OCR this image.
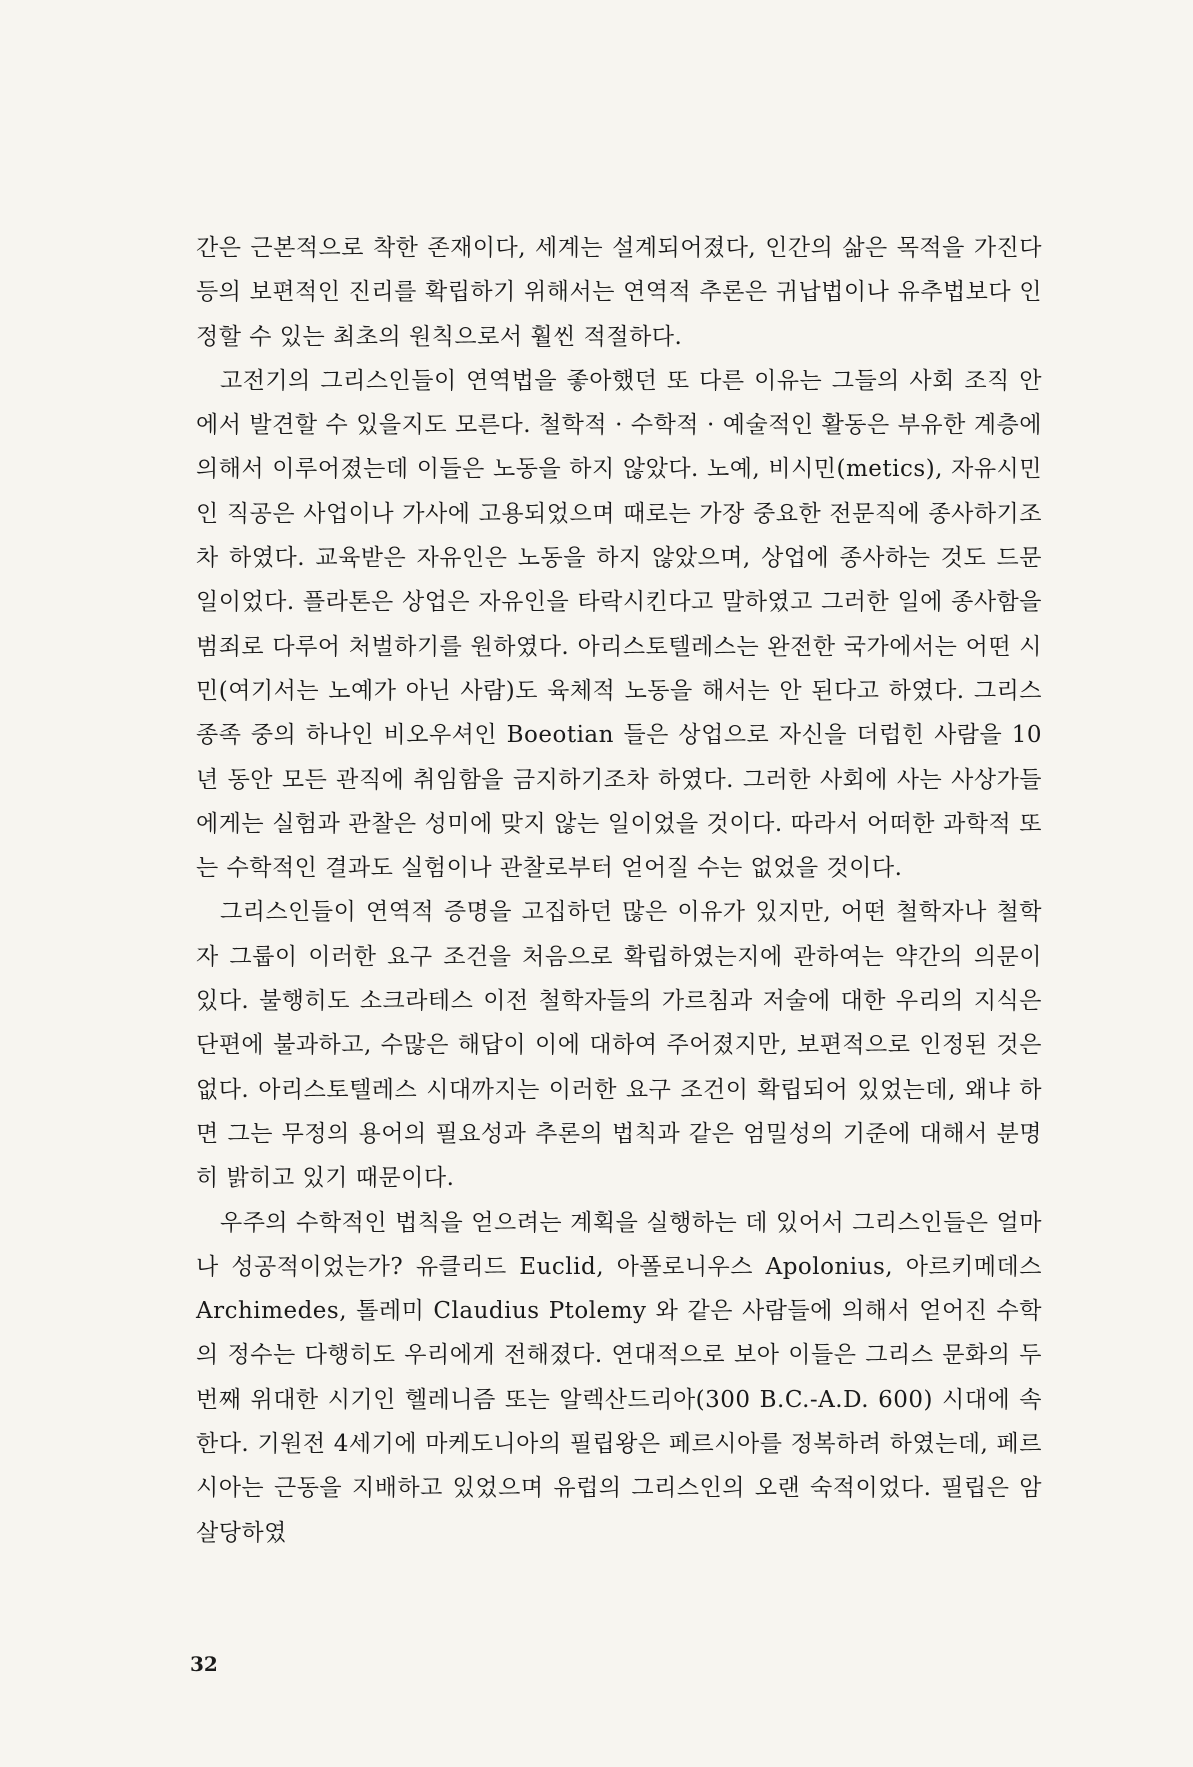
간은 근본적으로 착한 존재이다, 세계는 설계되어졌다, 인간의 삶은 목적을 가진다 등의 보편적인 진리를 확립하기 위해서는 연역적 추론은 귀납법이나 유추법보다 인정할 수 있는 최초의 원칙으로서 훨씬 적절하다.

고전기의 그리스인들이 연역법을 좋아했던 또 다른 이유는 그들의 사회 조직 안에서 발견할 수 있을지도 모른다. 철학적 · 수학적 · 예술적인 활동은 부유한 계층에 의해서 이루어졌는데 이들은 노동을 하지 않았다. 노예, 비시민(metics), 자유시민인 직공은 사업이나 가사에 고용되었으며 때로는 가장 중요한 전문직에 종사하기조차 하였다. 교육받은 자유인은 노동을 하지 않았으며, 상업에 종사하는 것도 드문 일이었다. 플라톤은 상업은 자유인을 타락시킨다고 말하였고 그러한 일에 종사함을 범죄로 다루어 처벌하기를 원하였다. 아리스토텔레스는 완전한 국가에서는 어떤 시민(여기서는 노예가 아닌 사람)도 육체적 노동을 해서는 안 된다고 하였다. 그리스 종족 중의 하나인 비오우셔인 Boeotian 들은 상업으로 자신을 더럽힌 사람을 10년 동안 모든 관직에 취임함을 금지하기조차 하였다. 그러한 사회에 사는 사상가들에게는 실험과 관찰은 성미에 맞지 않는 일이었을 것이다. 따라서 어떠한 과학적 또는 수학적인 결과도 실험이나 관찰로부터 얻어질 수는 없었을 것이다.

그리스인들이 연역적 증명을 고집하던 많은 이유가 있지만, 어떤 철학자나 철학자 그룹이 이러한 요구 조건을 처음으로 확립하였는지에 관하여는 약간의 의문이 있다. 불행히도 소크라테스 이전 철학자들의 가르침과 저술에 대한 우리의 지식은 단편에 불과하고, 수많은 해답이 이에 대하여 주어졌지만, 보편적으로 인정된 것은 없다. 아리스토텔레스 시대까지는 이러한 요구 조건이 확립되어 있었는데, 왜냐 하면 그는 무정의 용어의 필요성과 추론의 법칙과 같은 엄밀성의 기준에 대해서 분명히 밝히고 있기 때문이다.

우주의 수학적인 법칙을 얻으려는 계획을 실행하는 데 있어서 그리스인들은 얼마나 성공적이었는가? 유클리드 Euclid, 아폴로니우스 Apolonius, 아르키메데스 Archimedes, 톨레미 Claudius Ptolemy 와 같은 사람들에 의해서 얻어진 수학의 정수는 다행히도 우리에게 전해졌다. 연대적으로 보아 이들은 그리스 문화의 두번째 위대한 시기인 헬레니즘 또는 알렉산드리아(300 B.C.-A.D. 600) 시대에 속한다. 기원전 4세기에 마케도니아의 필립왕은 페르시아를 정복하려 하였는데, 페르시아는 근동을 지배하고 있었으며 유럽의 그리스인의 오랜 숙적이었다. 필립은 암살당하였

32
